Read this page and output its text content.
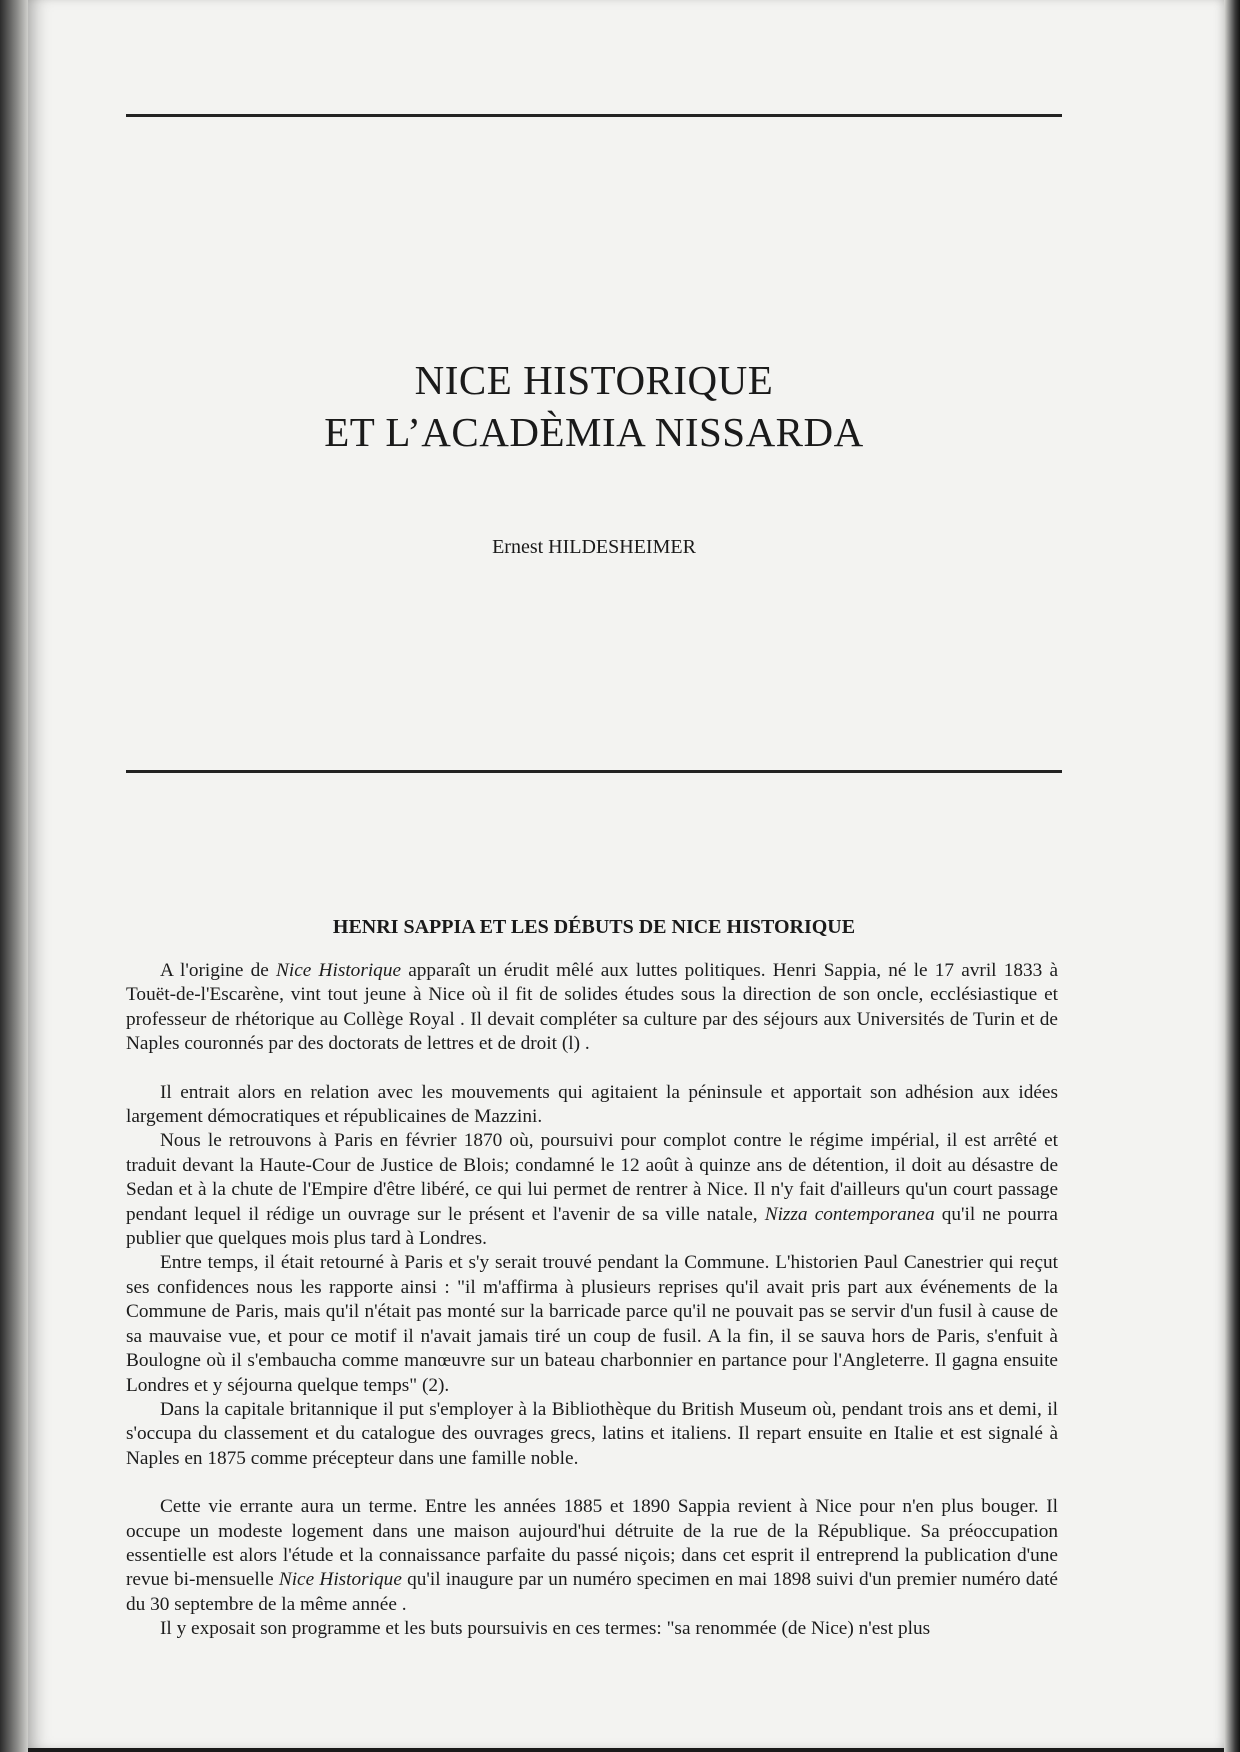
NICE HISTORIQUE
ET L’ACADÈMIA NISSARDA
Ernest HILDESHEIMER
HENRI SAPPIA ET LES DÉBUTS DE NICE HISTORIQUE

A l'origine de Nice Historique apparaît un érudit mêlé aux luttes politiques. Henri Sappia, né le 17 avril 1833 à Touët-de-l'Escarène, vint tout jeune à Nice où il fit de solides études sous la direction de son oncle, ecclésiastique et professeur de rhétorique au Collège Royal . Il devait compléter sa culture par des séjours aux Universités de Turin et de Naples couronnés par des doctorats de lettres et de droit (l) .

Il entrait alors en relation avec les mouvements qui agitaient la péninsule et apportait son adhésion aux idées largement démocratiques et républicaines de Mazzini.

Nous le retrouvons à Paris en février 1870 où, poursuivi pour complot contre le régime impérial, il est arrêté et traduit devant la Haute-Cour de Justice de Blois; condamné le 12 août à quinze ans de détention, il doit au désastre de Sedan et à la chute de l'Empire d'être libéré, ce qui lui permet de rentrer à Nice. Il n'y fait d'ailleurs qu'un court passage pendant lequel il rédige un ouvrage sur le présent et l'avenir de sa ville natale, Nizza contemporanea qu'il ne pourra publier que quelques mois plus tard à Londres.

Entre temps, il était retourné à Paris et s'y serait trouvé pendant la Commune. L'historien Paul Canestrier qui reçut ses confidences nous les rapporte ainsi : "il m'affirma à plusieurs reprises qu'il avait pris part aux événements de la Commune de Paris, mais qu'il n'était pas monté sur la barricade parce qu'il ne pouvait pas se servir d'un fusil à cause de sa mauvaise vue, et pour ce motif il n'avait jamais tiré un coup de fusil. A la fin, il se sauva hors de Paris, s'enfuit à Boulogne où il s'embaucha comme manœuvre sur un bateau charbonnier en partance pour l'Angleterre. Il gagna ensuite Londres et y séjourna quelque temps" (2).

Dans la capitale britannique il put s'employer à la Bibliothèque du British Museum où, pendant trois ans et demi, il s'occupa du classement et du catalogue des ouvrages grecs, latins et italiens. Il repart ensuite en Italie et est signalé à Naples en 1875 comme précepteur dans une famille noble.

Cette vie errante aura un terme. Entre les années 1885 et 1890 Sappia revient à Nice pour n'en plus bouger. Il occupe un modeste logement dans une maison aujourd'hui détruite de la rue de la République. Sa préoccupation essentielle est alors l'étude et la connaissance parfaite du passé niçois; dans cet esprit il entreprend la publication d'une revue bi-mensuelle Nice Historique qu'il inaugure par un numéro specimen en mai 1898 suivi d'un premier numéro daté du 30 septembre de la même année .

Il y exposait son programme et les buts poursuivis en ces termes: "sa renommée (de Nice) n'est plus
